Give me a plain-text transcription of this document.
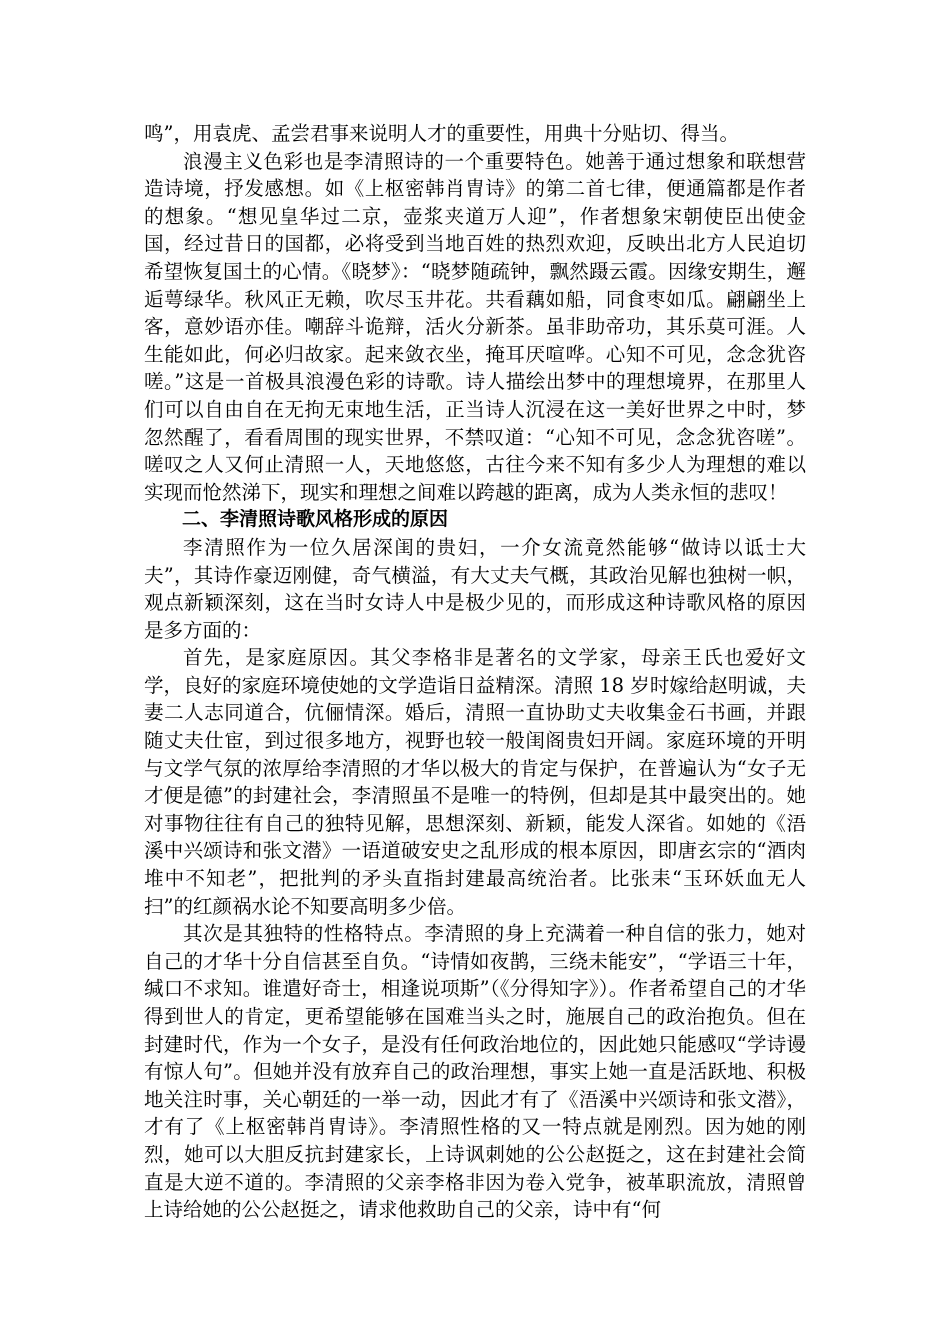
鸣”，用袁虎、孟尝君事来说明人才的重要性，用典十分贴切、得当。

浪漫主义色彩也是李清照诗的一个重要特色。她善于通过想象和联想营造诗境，抒发感想。如《上枢密韩肖胄诗》的第二首七律，便通篇都是作者的想象。“想见皇华过二京，壶浆夹道万人迎”，作者想象宋朝使臣出使金国，经过昔日的国都，必将受到当地百姓的热烈欢迎，反映出北方人民迫切希望恢复国土的心情。《晓梦》：“晓梦随疏钟，飘然蹑云霞。因缘安期生，邂逅萼绿华。秋风正无赖，吹尽玉井花。共看藕如船，同食枣如瓜。翩翩坐上客，意妙语亦佳。嘲辞斗诡辩，活火分新茶。虽非助帝功，其乐莫可涯。人生能如此，何必归故家。起来敛衣坐，掩耳厌喧哗。心知不可见，念念犹咨嗟。”这是一首极具浪漫色彩的诗歌。诗人描绘出梦中的理想境界，在那里人们可以自由自在无拘无束地生活，正当诗人沉浸在这一美好世界之中时，梦忽然醒了，看看周围的现实世界，不禁叹道：“心知不可见，念念犹咨嗟”。嗟叹之人又何止清照一人，天地悠悠，古往今来不知有多少人为理想的难以实现而怆然涕下，现实和理想之间难以跨越的距离，成为人类永恒的悲叹！

二、李清照诗歌风格形成的原因

李清照作为一位久居深闺的贵妇，一介女流竟然能够“做诗以诋士大夫”，其诗作豪迈刚健，奇气横溢，有大丈夫气概，其政治见解也独树一帜，观点新颖深刻，这在当时女诗人中是极少见的，而形成这种诗歌风格的原因是多方面的：

首先，是家庭原因。其父李格非是著名的文学家，母亲王氏也爱好文学，良好的家庭环境使她的文学造诣日益精深。清照 18 岁时嫁给赵明诚，夫妻二人志同道合，伉俪情深。婚后，清照一直协助丈夫收集金石书画，并跟随丈夫仕宦，到过很多地方，视野也较一般闺阁贵妇开阔。家庭环境的开明与文学气氛的浓厚给李清照的才华以极大的肯定与保护，在普遍认为“女子无才便是德”的封建社会，李清照虽不是唯一的特例，但却是其中最突出的。她对事物往往有自己的独特见解，思想深刻、新颖，能发人深省。如她的《浯溪中兴颂诗和张文潜》一语道破安史之乱形成的根本原因，即唐玄宗的“酒肉堆中不知老”，把批判的矛头直指封建最高统治者。比张耒“玉环妖血无人扫”的红颜祸水论不知要高明多少倍。

其次是其独特的性格特点。李清照的身上充满着一种自信的张力，她对自己的才华十分自信甚至自负。“诗情如夜鹊，三绕未能安”，“学语三十年，缄口不求知。谁遣好奇士，相逢说项斯”（《分得知字》）。作者希望自己的才华得到世人的肯定，更希望能够在国难当头之时，施展自己的政治抱负。但在封建时代，作为一个女子，是没有任何政治地位的，因此她只能感叹“学诗谩有惊人句”。但她并没有放弃自己的政治理想，事实上她一直是活跃地、积极地关注时事，关心朝廷的一举一动，因此才有了《浯溪中兴颂诗和张文潜》，才有了《上枢密韩肖胄诗》。李清照性格的又一特点就是刚烈。因为她的刚烈，她可以大胆反抗封建家长，上诗讽刺她的公公赵挺之，这在封建社会简直是大逆不道的。李清照的父亲李格非因为卷入党争，被革职流放，清照曾上诗给她的公公赵挺之，请求他救助自己的父亲，诗中有“何
